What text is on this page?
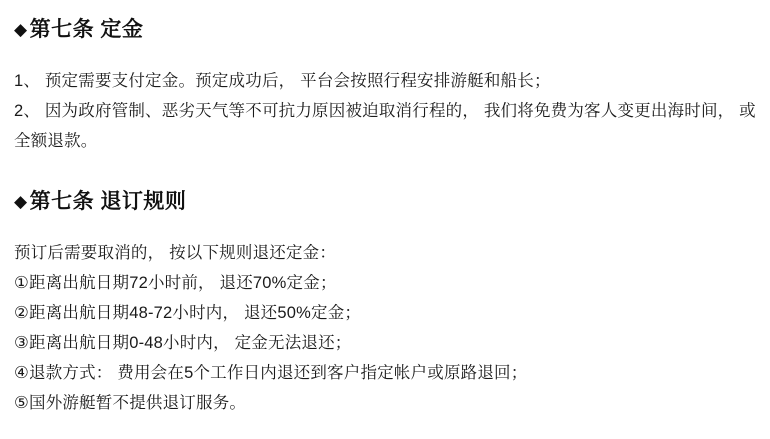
◆ 第七条 定金

1、 预定需要支付定金。预定成功后， 平台会按照行程安排游艇和船长；

2、 因为政府管制、恶劣天气等不可抗力原因被迫取消行程的， 我们将免费为客人变更出海时间， 或全额退款。

◆ 第七条 退订规则

预订后需要取消的， 按以下规则退还定金：

①距离出航日期72小时前， 退还70%定金；

②距离出航日期48-72小时内， 退还50%定金；

③距离出航日期0-48小时内， 定金无法退还；

④退款方式： 费用会在5个工作日内退还到客户指定帐户或原路退回；

⑤国外游艇暂不提供退订服务。
